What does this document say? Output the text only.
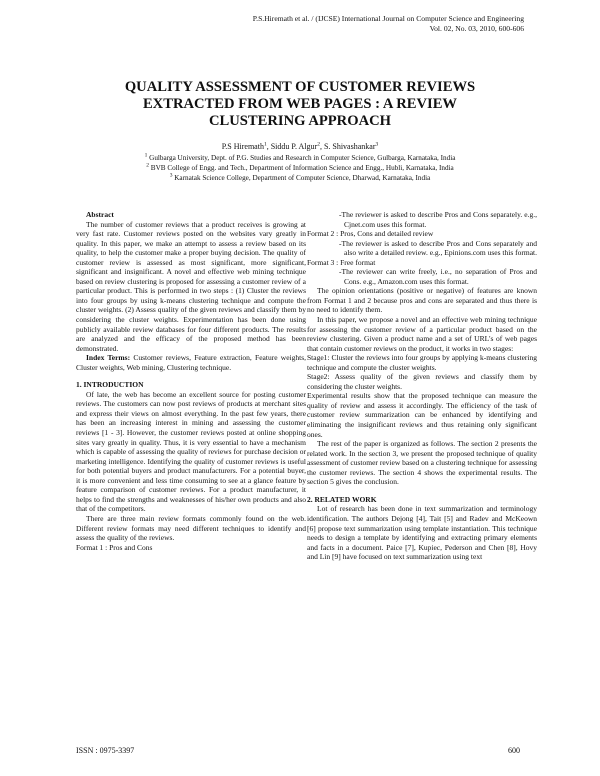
P.S.Hiremath et al. / (IJCSE) International Journal on Computer Science and Engineering
Vol. 02, No. 03, 2010, 600-606
QUALITY ASSESSMENT OF CUSTOMER REVIEWS
EXTRACTED FROM WEB PAGES : A REVIEW
CLUSTERING APPROACH
P.S Hiremath$^1$, Siddu P. Algur$^2$, S. Shivashankar$^3$
$^1$ Gulbarga University, Dept. of P.G. Studies and Research in Computer Science, Gulbarga, Karnataka, India
$^2$ BVB College of Engg. and Tech., Department of Information Science and Engg., Hubli, Karnataka, India
$^3$ Karnatak Science College, Department of Computer Science, Dharwad, Karnataka, India

Abstract

The number of customer reviews that a product receives is growing at very fast rate. Customer reviews posted on the websites vary greatly in quality. In this paper, we make an attempt to assess a review based on its quality, to help the customer make a proper buying decision. The quality of customer review is assessed as most significant, more significant, significant and insignificant. A novel and effective web mining technique based on review clustering is proposed for assessing a customer review of a particular product. This is performed in two steps : (1) Cluster the reviews into four groups by using k-means clustering technique and compute the cluster weights. (2) Assess quality of the given reviews and classify them by considering the cluster weights. Experimentation has been done using publicly available review databases for four different products. The results are analyzed and the efficacy of the proposed method has been demonstrated.

Index Terms: Customer reviews, Feature extraction, Feature weights, Cluster weights, Web mining, Clustering technique.

1. INTRODUCTION

Of late, the web has become an excellent source for posting customer reviews. The customers can now post reviews of products at merchant sites and express their views on almost everything. In the past few years, there has been an increasing interest in mining and assessing the customer reviews [1 - 3]. However, the customer reviews posted at online shopping sites vary greatly in quality. Thus, it is very essential to have a mechanism which is capable of assessing the quality of reviews for purchase decision or marketing intelligence. Identifying the quality of customer reviews is useful for both potential buyers and product manufacturers. For a potential buyer, it is more convenient and less time consuming to see at a glance feature by feature comparison of customer reviews. For a product manufacturer, it helps to find the strengths and weaknesses of his/her own products and also that of the competitors.

There are three main review formats commonly found on the web. Different review formats may need different techniques to identify and assess the quality of the reviews.

Format 1 : Pros and Cons

-The reviewer is asked to describe Pros and Cons separately. e.g., Cjnet.com uses this format.

Format 2 : Pros, Cons and detailed review

-The reviewer is asked to describe Pros and Cons separately and also write a detailed review. e.g., Epinions.com uses this format.

Format 3 : Free format

-The reviewer can write freely, i.e., no separation of Pros and Cons. e.g., Amazon.com uses this format.

The opinion orientations (positive or negative) of features are known from Format 1 and 2 because pros and cons are separated and thus there is no need to identify them.

In this paper, we propose a novel and an effective web mining technique for assessing the customer review of a particular product based on the review clustering. Given a product name and a set of URL's of web pages that contain customer reviews on the product, it works in two stages:

Stage1: Cluster the reviews into four groups by applying k-means clustering technique and compute the cluster weights.

Stage2: Assess quality of the given reviews and classify them by considering the cluster weights.

Experimental results show that the proposed technique can measure the quality of review and assess it accordingly. The efficiency of the task of customer review summarization can be enhanced by identifying and eliminating the insignificant reviews and thus retaining only significant ones.

The rest of the paper is organized as follows. The section 2 presents the related work. In the section 3, we present the proposed technique of quality assessment of customer review based on a clustering technique for assessing the customer reviews. The section 4 shows the experimental results. The section 5 gives the conclusion.

2. RELATED WORK

Lot of research has been done in text summarization and terminology identification. The authors Dejong [4], Tait [5] and Radev and McKeown [6] propose text summarization using template instantiation. This technique needs to design a template by identifying and extracting primary elements and facts in a document. Paice [7], Kupiec, Pederson and Chen [8], Hovy and Lin [9] have focused on text summarization using text

ISSN : 0975-3397	600
